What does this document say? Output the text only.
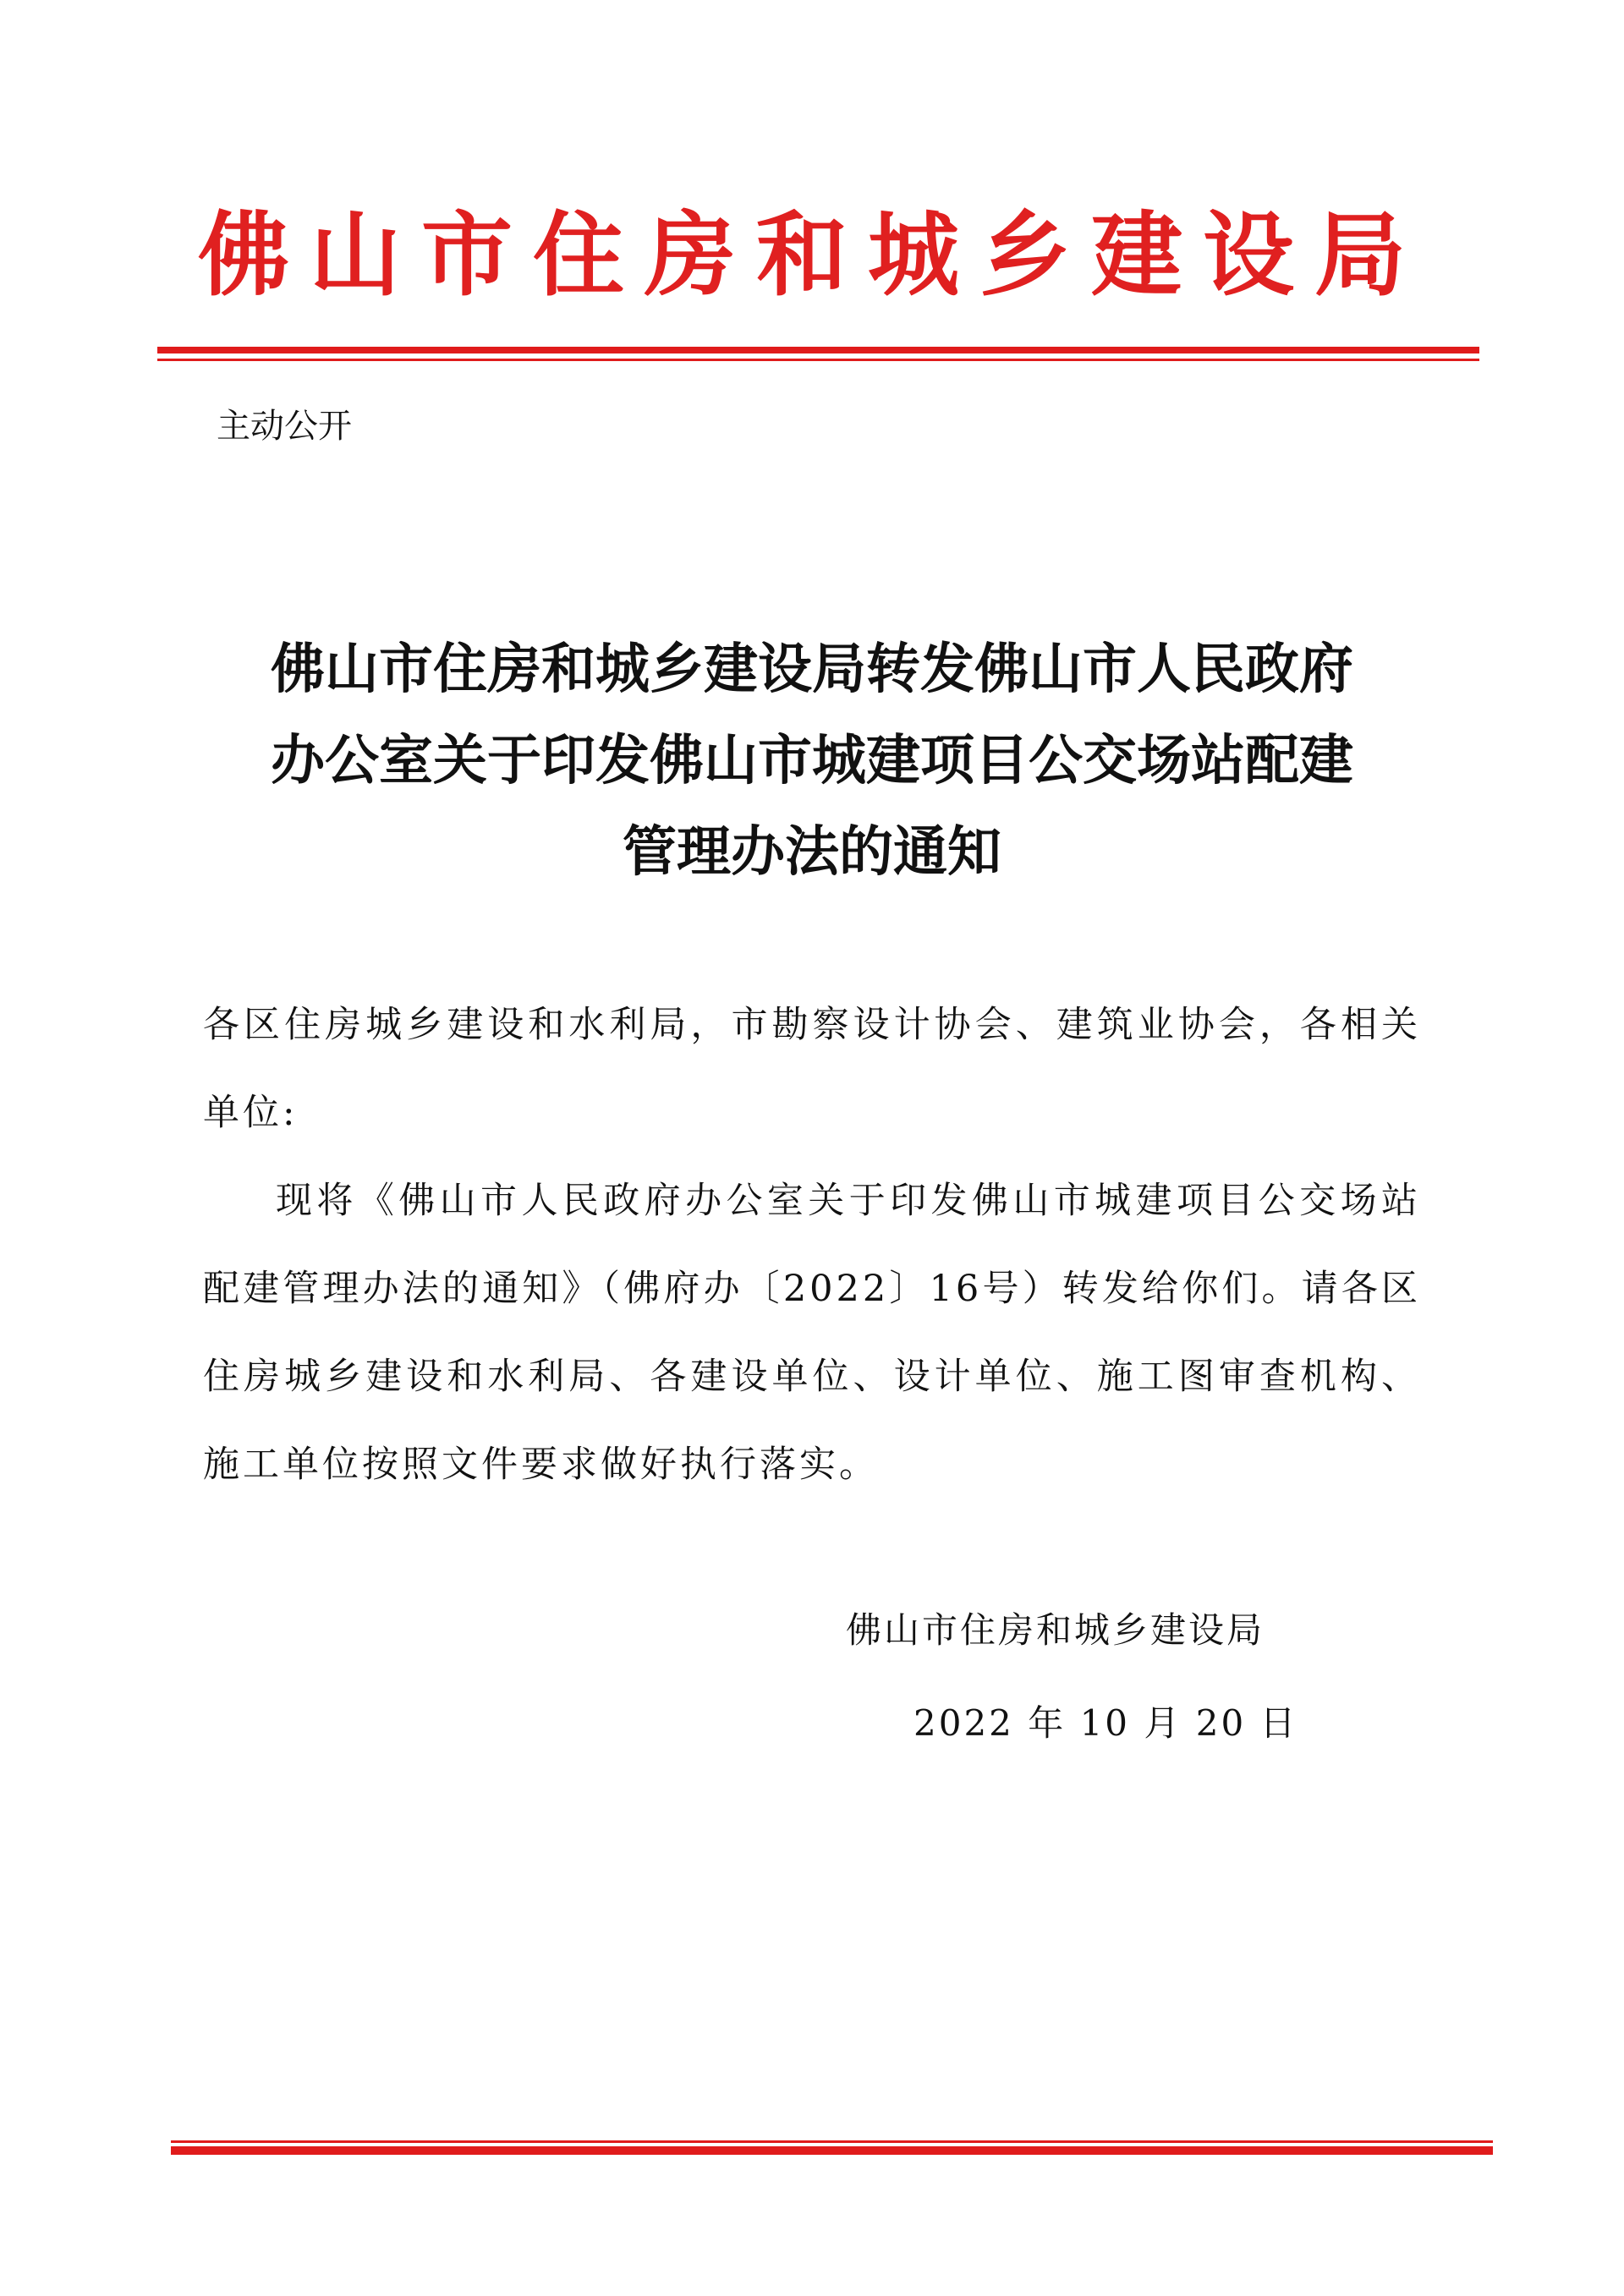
佛山市住房和城乡建设局
主动公开
佛山市住房和城乡建设局转发佛山市人民政府
办公室关于印发佛山市城建项目公交场站配建
管理办法的通知

各区住房城乡建设和水利局，市勘察设计协会、建筑业协会，各相关单位:

现将《佛山市人民政府办公室关于印发佛山市城建项目公交场站配建管理办法的通知》（佛府办〔2022〕16号）转发给你们。请各区住房城乡建设和水利局、各建设单位、设计单位、施工图审查机构、施工单位按照文件要求做好执行落实。

佛山市住房和城乡建设局
2022 年 10 月 20 日
